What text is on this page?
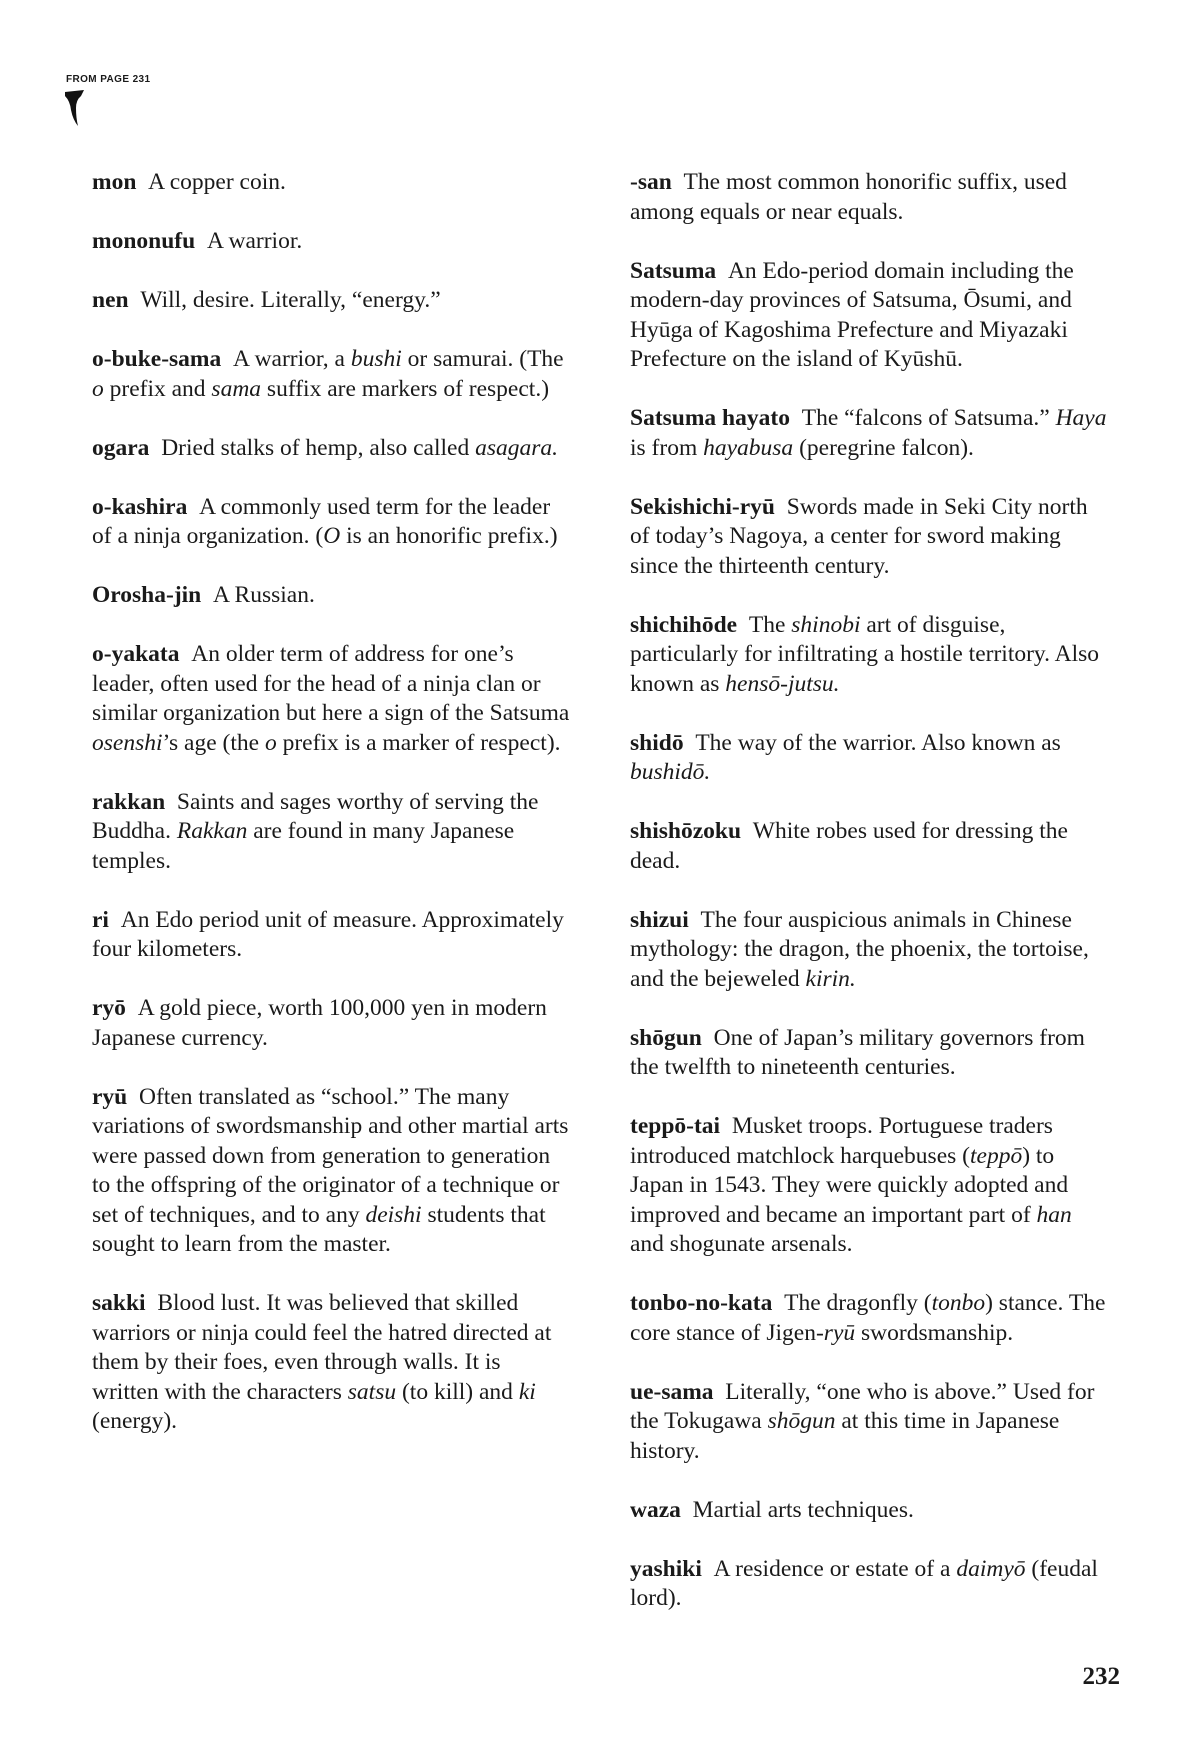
FROM PAGE 231

mon  A copper coin.

mononufu  A warrior.

nen  Will, desire. Literally, “energy.”

o-buke-sama  A warrior, a bushi or samurai. (The o prefix and sama suffix are markers of respect.)

ogara  Dried stalks of hemp, also called asagara.

o-kashira  A commonly used term for the leader of a ninja organization. (O is an honorific prefix.)

Orosha-jin  A Russian.

o-yakata  An older term of address for one’s leader, often used for the head of a ninja clan or similar organization but here a sign of the Satsuma osenshi’s age (the o prefix is a marker of respect).

rakkan  Saints and sages worthy of serving the Buddha. Rakkan are found in many Japanese temples.

ri  An Edo period unit of measure. Approximately four kilometers.

ryō  A gold piece, worth 100,000 yen in modern Japanese currency.

ryū  Often translated as “school.” The many variations of swordsmanship and other martial arts were passed down from generation to generation to the offspring of the originator of a technique or set of techniques, and to any deishi students that sought to learn from the master.

sakki  Blood lust. It was believed that skilled warriors or ninja could feel the hatred directed at them by their foes, even through walls. It is written with the characters satsu (to kill) and ki (energy).

-san  The most common honorific suffix, used among equals or near equals.

Satsuma  An Edo-period domain including the modern-day provinces of Satsuma, Ōsumi, and Hyūga of Kagoshima Prefecture and Miyazaki Prefecture on the island of Kyūshū.

Satsuma hayato  The “falcons of Satsuma.” Haya is from hayabusa (peregrine falcon).

Sekishichi-ryū  Swords made in Seki City north of today’s Nagoya, a center for sword making since the thirteenth century.

shichihōde  The shinobi art of disguise, particularly for infiltrating a hostile territory. Also known as hensō-jutsu.

shidō  The way of the warrior. Also known as bushidō.

shishōzoku  White robes used for dressing the dead.

shizui  The four auspicious animals in Chinese mythology: the dragon, the phoenix, the tortoise, and the bejeweled kirin.

shōgun  One of Japan’s military governors from the twelfth to nineteenth centuries.

teppō-tai  Musket troops. Portuguese traders introduced matchlock harquebuses (teppō) to Japan in 1543. They were quickly adopted and improved and became an important part of han and shogunate arsenals.

tonbo-no-kata  The dragonfly (tonbo) stance. The core stance of Jigen-ryū swordsmanship.

ue-sama  Literally, “one who is above.” Used for the Tokugawa shōgun at this time in Japanese history.

waza  Martial arts techniques.

yashiki  A residence or estate of a daimyō (feudal lord).

232
